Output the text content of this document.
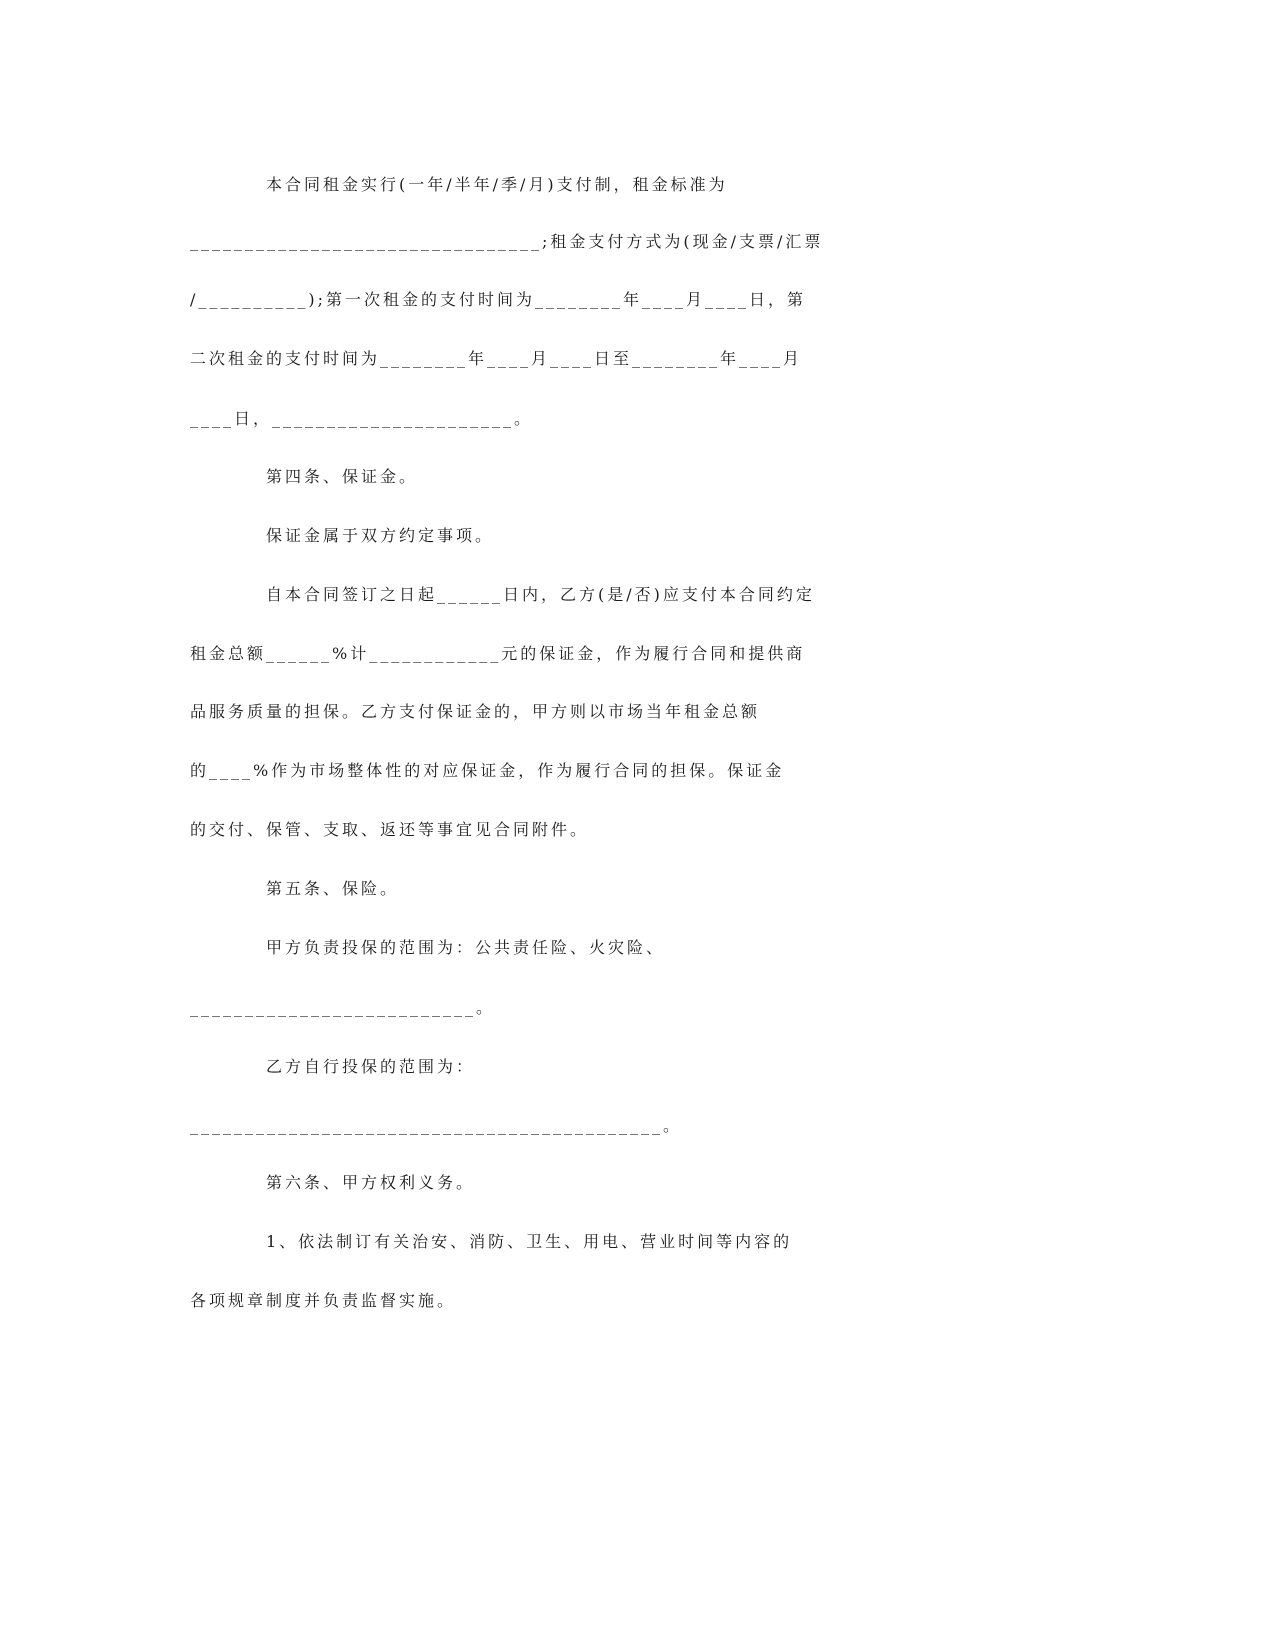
本合同租金实行(一年/半年/季/月)支付制，租金标准为
________________________________;租金支付方式为(现金/支票/汇票
/__________);第一次租金的支付时间为________年____月____日，第
二次租金的支付时间为________年____月____日至________年____月
____日，______________________。
第四条、保证金。
保证金属于双方约定事项。
自本合同签订之日起______日内，乙方(是/否)应支付本合同约定
租金总额______%计____________元的保证金，作为履行合同和提供商
品服务质量的担保。乙方支付保证金的，甲方则以市场当年租金总额
的____%作为市场整体性的对应保证金，作为履行合同的担保。保证金
的交付、保管、支取、返还等事宜见合同附件。
第五条、保险。
甲方负责投保的范围为：公共责任险、火灾险、
__________________________。
乙方自行投保的范围为：
___________________________________________。
第六条、甲方权利义务。
1、依法制订有关治安、消防、卫生、用电、营业时间等内容的
各项规章制度并负责监督实施。
